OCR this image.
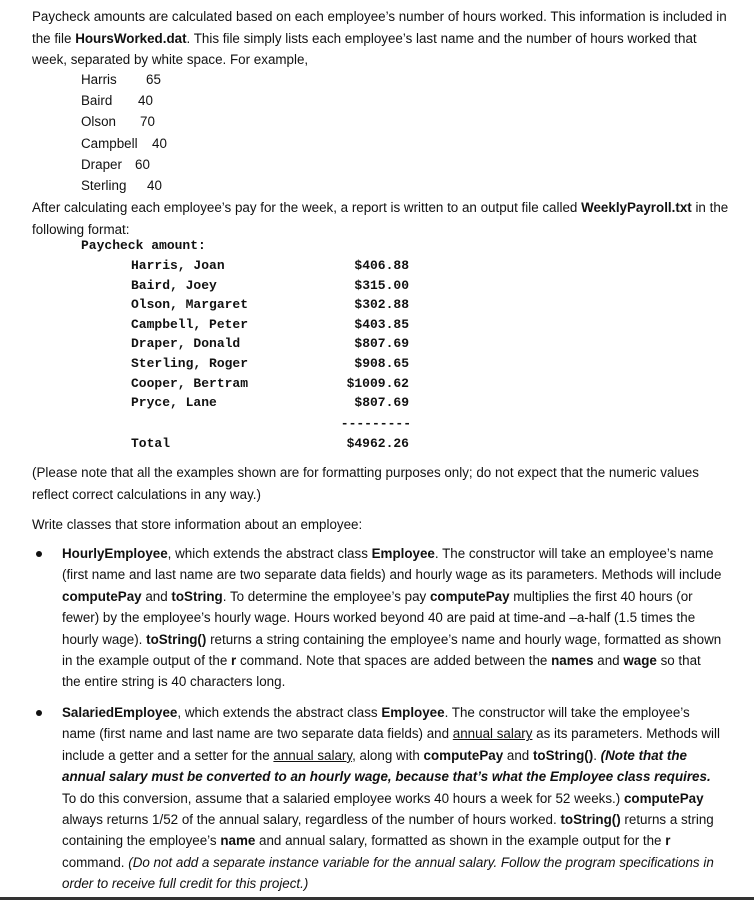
Paycheck amounts are calculated based on each employee’s number of hours worked. This information is included in the file HoursWorked.dat. This file simply lists each employee’s last name and the number of hours worked that week, separated by white space. For example,

Harris 65
Baird 40
Olson 70
Campbell 40
Draper 60
Sterling 40

After calculating each employee’s pay for the week, a report is written to an output file called WeeklyPayroll.txt in the following format:

Paycheck amount:
Harris, Joan	$406.88
Baird, Joey	$315.00
Olson, Margaret	$302.88
Campbell, Peter	$403.85
Draper, Donald	$807.69
Sterling, Roger	$908.65
Cooper, Bertram	$1009.62
Pryce, Lane	$807.69
---------
Total	$4962.26

(Please note that all the examples shown are for formatting purposes only; do not expect that the numeric values reflect correct calculations in any way.)

Write classes that store information about an employee:

HourlyEmployee, which extends the abstract class Employee. The constructor will take an employee’s name (first name and last name are two separate data fields) and hourly wage as its parameters. Methods will include computePay and toString. To determine the employee’s pay computePay multiplies the first 40 hours (or fewer) by the employee’s hourly wage. Hours worked beyond 40 are paid at time-and –a-half (1.5 times the hourly wage). toString() returns a string containing the employee’s name and hourly wage, formatted as shown in the example output of the r command. Note that spaces are added between the names and wage so that the entire string is 40 characters long.

SalariedEmployee, which extends the abstract class Employee. The constructor will take the employee’s name (first name and last name are two separate data fields) and annual salary as its parameters. Methods will include a getter and a setter for the annual salary, along with computePay and toString(). (Note that the annual salary must be converted to an hourly wage, because that’s what the Employee class requires. To do this conversion, assume that a salaried employee works 40 hours a week for 52 weeks.) computePay always returns 1/52 of the annual salary, regardless of the number of hours worked. toString() returns a string containing the employee’s name and annual salary, formatted as shown in the example output for the r command. (Do not add a separate instance variable for the annual salary. Follow the program specifications in order to receive full credit for this project.)
